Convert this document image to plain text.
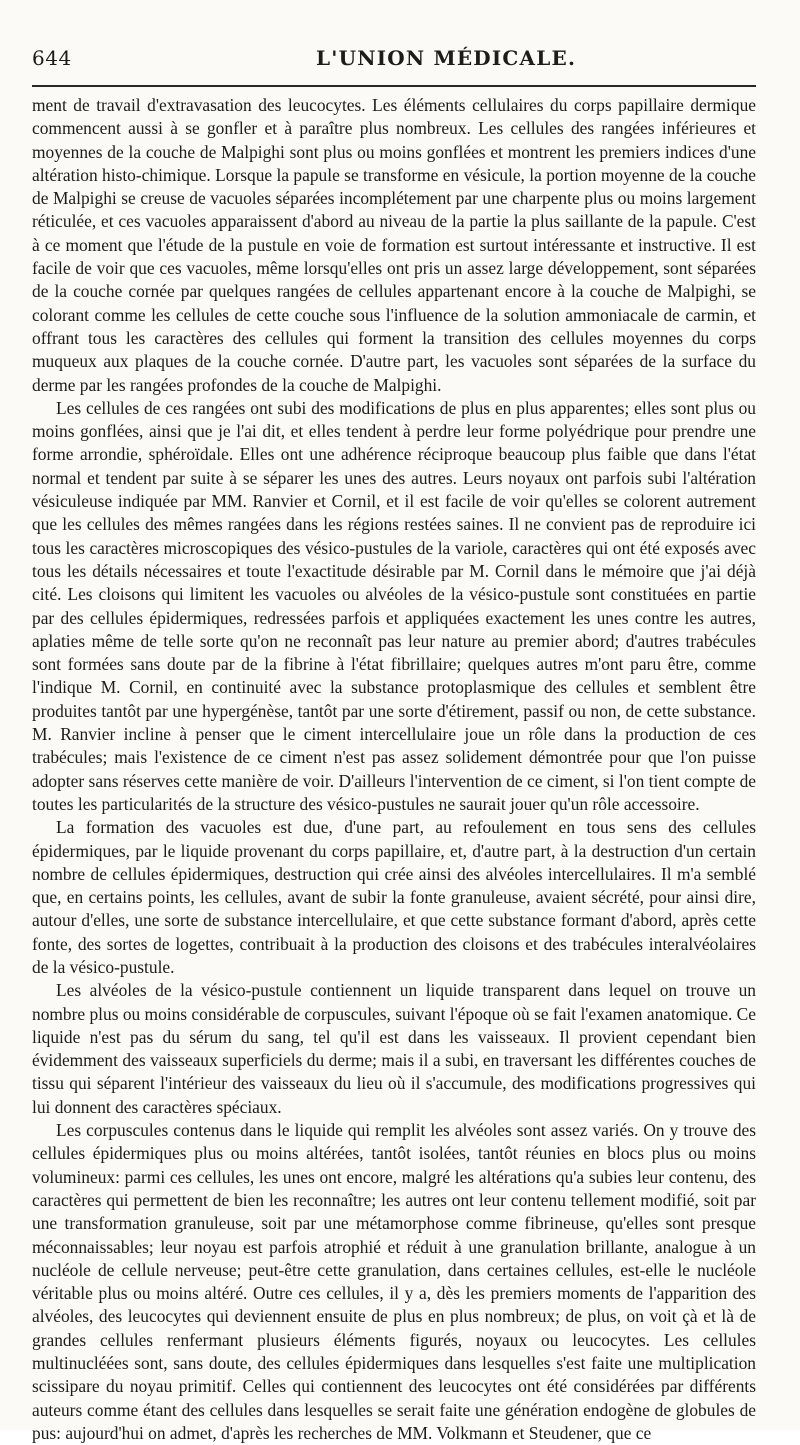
644	L'UNION MÉDICALE.

ment de travail d'extravasation des leucocytes. Les éléments cellulaires du corps papillaire dermique commencent aussi à se gonfler et à paraître plus nombreux. Les cellules des rangées inférieures et moyennes de la couche de Malpighi sont plus ou moins gonflées et montrent les premiers indices d'une altération histo-chimique. Lorsque la papule se transforme en vésicule, la portion moyenne de la couche de Malpighi se creuse de vacuoles séparées incomplétement par une charpente plus ou moins largement réticulée, et ces vacuoles apparaissent d'abord au niveau de la partie la plus saillante de la papule. C'est à ce moment que l'étude de la pustule en voie de formation est surtout intéressante et instructive. Il est facile de voir que ces vacuoles, même lorsqu'elles ont pris un assez large développement, sont séparées de la couche cornée par quelques rangées de cellules appartenant encore à la couche de Malpighi, se colorant comme les cellules de cette couche sous l'influence de la solution ammoniacale de carmin, et offrant tous les caractères des cellules qui forment la transition des cellules moyennes du corps muqueux aux plaques de la couche cornée. D'autre part, les vacuoles sont séparées de la surface du derme par les rangées profondes de la couche de Malpighi.

Les cellules de ces rangées ont subi des modifications de plus en plus apparentes; elles sont plus ou moins gonflées, ainsi que je l'ai dit, et elles tendent à perdre leur forme polyédrique pour prendre une forme arrondie, sphéroïdale. Elles ont une adhérence réciproque beaucoup plus faible que dans l'état normal et tendent par suite à se séparer les unes des autres. Leurs noyaux ont parfois subi l'altération vésiculeuse indiquée par MM. Ranvier et Cornil, et il est facile de voir qu'elles se colorent autrement que les cellules des mêmes rangées dans les régions restées saines. Il ne convient pas de reproduire ici tous les caractères microscopiques des vésico-pustules de la variole, caractères qui ont été exposés avec tous les détails nécessaires et toute l'exactitude désirable par M. Cornil dans le mémoire que j'ai déjà cité. Les cloisons qui limitent les vacuoles ou alvéoles de la vésico-pustule sont constituées en partie par des cellules épidermiques, redressées parfois et appliquées exactement les unes contre les autres, aplaties même de telle sorte qu'on ne reconnaît pas leur nature au premier abord; d'autres trabécules sont formées sans doute par de la fibrine à l'état fibrillaire; quelques autres m'ont paru être, comme l'indique M. Cornil, en continuité avec la substance protoplasmique des cellules et semblent être produites tantôt par une hypergénèse, tantôt par une sorte d'étirement, passif ou non, de cette substance. M. Ranvier incline à penser que le ciment intercellulaire joue un rôle dans la production de ces trabécules; mais l'existence de ce ciment n'est pas assez solidement démontrée pour que l'on puisse adopter sans réserves cette manière de voir. D'ailleurs l'intervention de ce ciment, si l'on tient compte de toutes les particularités de la structure des vésico-pustules ne saurait jouer qu'un rôle accessoire.

La formation des vacuoles est due, d'une part, au refoulement en tous sens des cellules épidermiques, par le liquide provenant du corps papillaire, et, d'autre part, à la destruction d'un certain nombre de cellules épidermiques, destruction qui crée ainsi des alvéoles intercellulaires. Il m'a semblé que, en certains points, les cellules, avant de subir la fonte granuleuse, avaient sécrété, pour ainsi dire, autour d'elles, une sorte de substance intercellulaire, et que cette substance formant d'abord, après cette fonte, des sortes de logettes, contribuait à la production des cloisons et des trabécules interalvéolaires de la vésico-pustule.

Les alvéoles de la vésico-pustule contiennent un liquide transparent dans lequel on trouve un nombre plus ou moins considérable de corpuscules, suivant l'époque où se fait l'examen anatomique. Ce liquide n'est pas du sérum du sang, tel qu'il est dans les vaisseaux. Il provient cependant bien évidemment des vaisseaux superficiels du derme; mais il a subi, en traversant les différentes couches de tissu qui séparent l'intérieur des vaisseaux du lieu où il s'accumule, des modifications progressives qui lui donnent des caractères spéciaux.

Les corpuscules contenus dans le liquide qui remplit les alvéoles sont assez variés. On y trouve des cellules épidermiques plus ou moins altérées, tantôt isolées, tantôt réunies en blocs plus ou moins volumineux: parmi ces cellules, les unes ont encore, malgré les altérations qu'a subies leur contenu, des caractères qui permettent de bien les reconnaître; les autres ont leur contenu tellement modifié, soit par une transformation granuleuse, soit par une métamorphose comme fibrineuse, qu'elles sont presque méconnaissables; leur noyau est parfois atrophié et réduit à une granulation brillante, analogue à un nucléole de cellule nerveuse; peut-être cette granulation, dans certaines cellules, est-elle le nucléole véritable plus ou moins altéré. Outre ces cellules, il y a, dès les premiers moments de l'apparition des alvéoles, des leucocytes qui deviennent ensuite de plus en plus nombreux; de plus, on voit çà et là de grandes cellules renfermant plusieurs éléments figurés, noyaux ou leucocytes. Les cellules multinucléées sont, sans doute, des cellules épidermiques dans lesquelles s'est faite une multiplication scissipare du noyau primitif. Celles qui contiennent des leucocytes ont été considérées par différents auteurs comme étant des cellules dans lesquelles se serait faite une génération endogène de globules de pus: aujourd'hui on admet, d'après les recherches de MM. Volkmann et Steudener, que ce
